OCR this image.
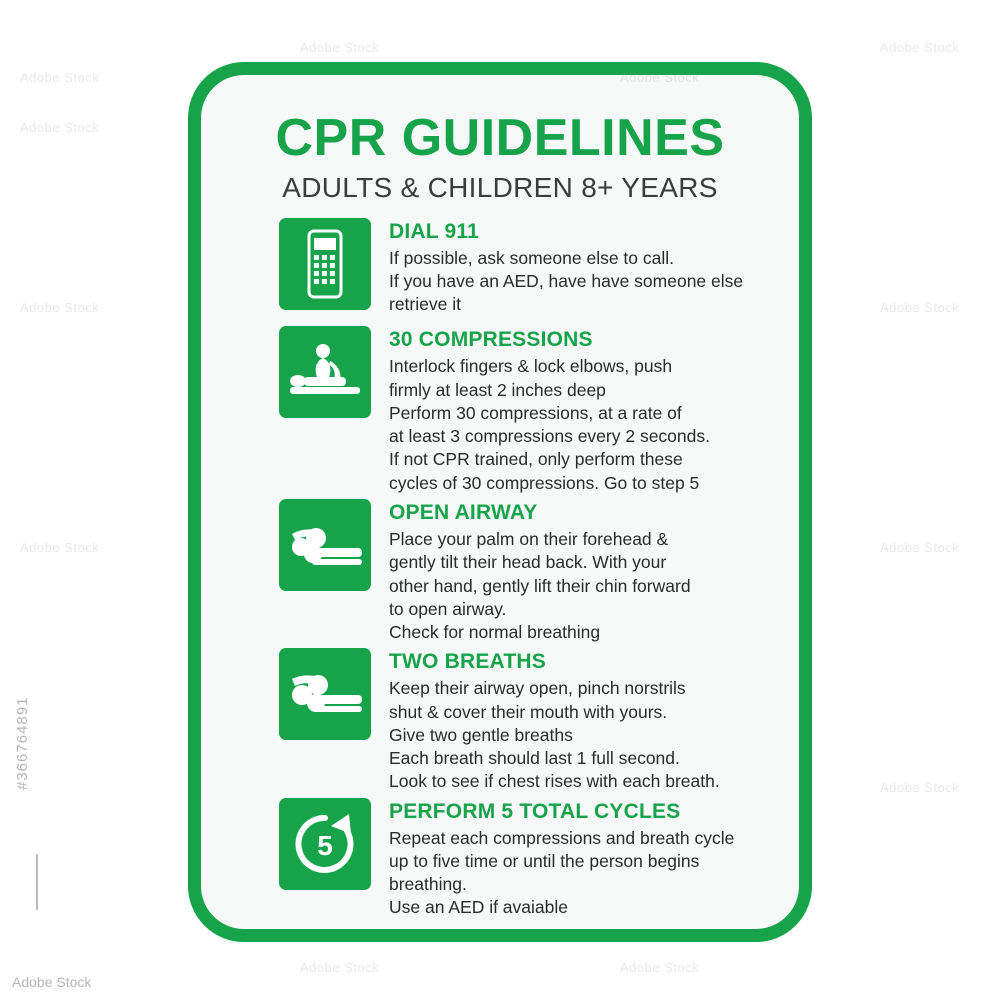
Adobe Stock
Adobe Stock
Adobe Stock
Adobe Stock
Adobe Stock	Adobe Stock
Adobe Stock	Adobe Stock
Adobe Stock	Adobe Stock
Adobe Stock
Adobe Stock
#366764891
Adobe Stock
CPR GUIDELINES
ADULTS & CHILDREN 8+ YEARS
DIAL 911
If possible, ask someone else to call.
If you have an AED, have have someone else
retrieve it
30 COMPRESSIONS
Interlock fingers & lock elbows, push
firmly at least 2 inches deep
Perform 30 compressions, at a rate of
at least 3 compressions every 2 seconds.
If not CPR trained, only perform these
cycles of 30 compressions. Go to step 5
OPEN AIRWAY
Place your palm on their forehead &
gently tilt their head back. With your
other hand, gently lift their chin forward
to open airway.
Check for normal breathing
TWO BREATHS
Keep their airway open, pinch norstrils
shut & cover their mouth with yours.
Give two gentle breaths
Each breath should last 1 full second.
Look to see if chest rises with each breath.
5
PERFORM 5 TOTAL CYCLES
Repeat each compressions and breath cycle
up to five time or until the person begins
breathing.
Use an AED if avaiable
